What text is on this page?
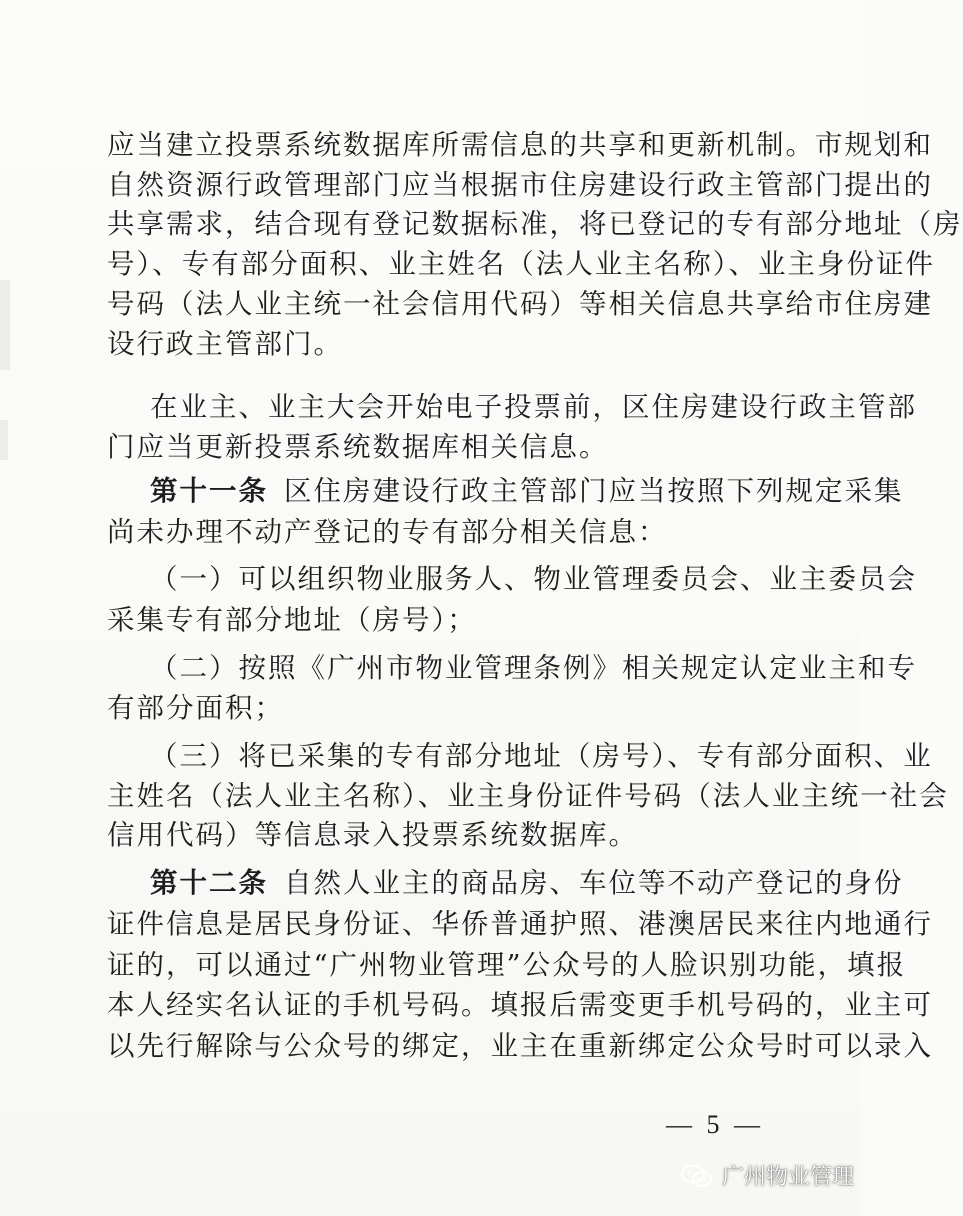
应当建立投票系统数据库所需信息的共享和更新机制。市规划和
自然资源行政管理部门应当根据市住房建设行政主管部门提出的
共享需求，结合现有登记数据标准，将已登记的专有部分地址（房
号）、专有部分面积、业主姓名（法人业主名称）、业主身份证件
号码（法人业主统一社会信用代码）等相关信息共享给市住房建
设行政主管部门。
在业主、业主大会开始电子投票前，区住房建设行政主管部
门应当更新投票系统数据库相关信息。
第十一条 区住房建设行政主管部门应当按照下列规定采集
尚未办理不动产登记的专有部分相关信息：
（一）可以组织物业服务人、物业管理委员会、业主委员会
采集专有部分地址（房号）；
（二）按照《广州市物业管理条例》相关规定认定业主和专
有部分面积；
（三）将已采集的专有部分地址（房号）、专有部分面积、业
主姓名（法人业主名称）、业主身份证件号码（法人业主统一社会
信用代码）等信息录入投票系统数据库。
第十二条 自然人业主的商品房、车位等不动产登记的身份
证件信息是居民身份证、华侨普通护照、港澳居民来往内地通行
证的，可以通过“广州物业管理”公众号的人脸识别功能，填报
本人经实名认证的手机号码。填报后需变更手机号码的，业主可
以先行解除与公众号的绑定，业主在重新绑定公众号时可以录入
— 5 —
广州物业管理
